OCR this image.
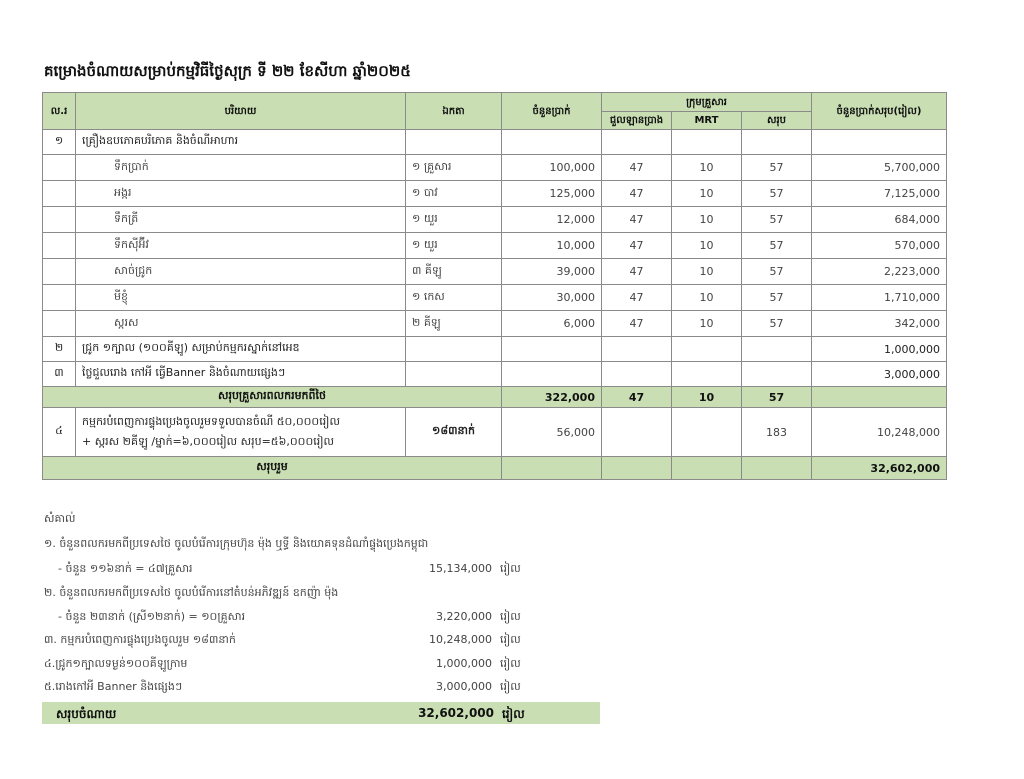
គម្រោងចំណាយសម្រាប់កម្មវិធីថ្ងៃសុក្រ ទី ២២ ខែសីហា ឆ្នាំ២០២៥
ល.រ	បរិយាយ	ឯកតា	ចំនួនប្រាក់	ក្រុមគ្រួសារ			ចំនួនប្រាក់សរុប(រៀល)
				ជួលឡានប្រាង	MRT	សរុប	
១	គ្រឿងឧបភោគបរិភោគ និងចំណីអាហារ						
	ទឹកប្រាក់	១ គ្រួសារ	100,000	47	10	57	5,700,000
	អង្ករ	១ បាវ	125,000	47	10	57	7,125,000
	ទឹកត្រី	១ យួរ	12,000	47	10	57	684,000
	ទឹកស៊ីអ៊ីវ	១ យួរ	10,000	47	10	57	570,000
	សាច់ជ្រូក	៣ គីឡូ	39,000	47	10	57	2,223,000
	មីខ្ញុំ	១ កេស	30,000	47	10	57	1,710,000
	ស្ករស	២ គីឡូ	6,000	47	10	57	342,000
២	ជ្រូក ១ក្បាល (១០០គីឡូ) សម្រាប់កម្មករស្នាក់នៅអេឌ						1,000,000
៣	ថ្លៃជួលរោង កៅអី ធ្វើBanner និងចំណាយផ្សេងៗ						3,000,000
សរុបគ្រួសារពលករមកពីថៃ			322,000	47	10	57	
៤	កម្មករបំពេញការផ្ទុងប្រេងចូលរួមទទួលបានចំណី ៥០,០០០រៀល
+ ស្ករស ២គីឡូ /ម្នាក់=៦,០០០រៀល សរុប=៥៦,០០០រៀល	១៨៣នាក់	56,000			183	10,248,000
សរុបរួម							32,602,000
សំគាល់
១. ចំនួនពលករមកពីប្រទេសថៃ ចូលបំរើការក្រុមហ៊ុន ម៉ុង ឬទ្ធី និងយោគទុនដំណាំផ្ទុងប្រេងកម្ពុជា
- ចំនួន ១១៦នាក់ = ៤៧គ្រួសារ	15,134,000 រៀល
២. ចំនួនពលករមកពីប្រទេសថៃ ចូលបំរើការនៅតំបន់អភិវឌ្ឍន៍ ឧកញ៉ា ម៉ុង
- ចំនួន ២៣នាក់ (ស្រី១២នាក់) = ១០គ្រួសារ	3,220,000 រៀល
៣. កម្មករបំពេញការផ្ទុងប្រេងចូលរួម ១៨៣នាក់	10,248,000 រៀល
៤.ជ្រូក១ក្បាលទម្ងន់១០០គីឡូក្រាម	1,000,000 រៀល
៥.រោងកៅអី Banner និងផ្សេងៗ	3,000,000 រៀល
សរុបចំណាយ	32,602,000 រៀល
